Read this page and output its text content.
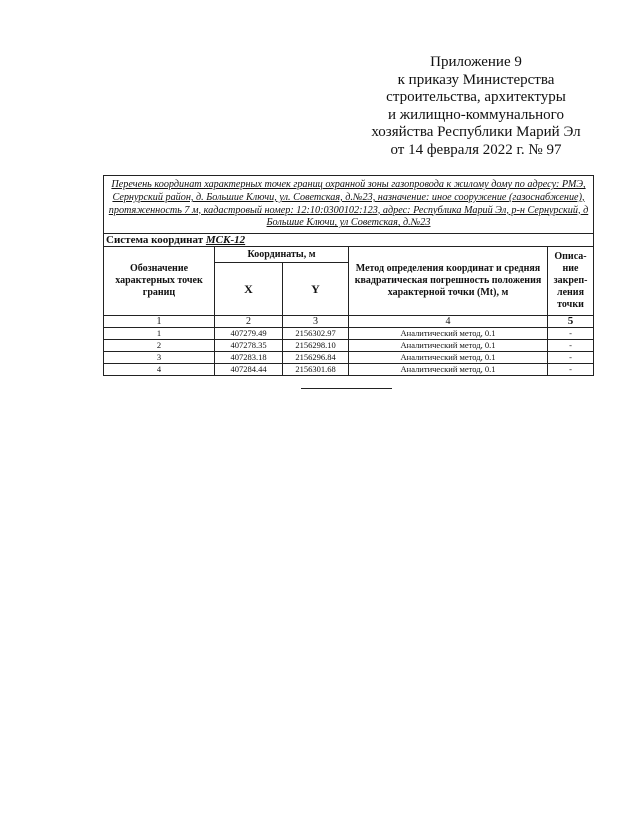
Приложение 9
к приказу Министерства
строительства, архитектуры
и жилищно-коммунального
хозяйства Республики Марий Эл
от 14 февраля 2022 г. № 97
Перечень координат характерных точек границ охранной зоны газопровода к жилому дому по адресу: РМЭ, Сернурский район, д. Большие Ключи, ул. Советская, д.№23, назначение: иное сооружение (газоснабжение), протяженность 7 м, кадастровый номер: 12:10:0300102:123, адрес: Республика Марий Эл, р-н Сернурский, д Большие Ключи, ул Советская, д.№23				
Система координат МСК-12				
Обозначение характерных точек границ	Координаты, м		Метод определения координат и средняя квадратическая погрешность положения характерной точки (Mt), м	Описа-ние закреп-ления точки
	X	Y		
1	2	3	4	5
1	407279.49	2156302.97	Аналитический метод, 0.1	-
2	407278.35	2156298.10	Аналитический метод, 0.1	-
3	407283.18	2156296.84	Аналитический метод, 0.1	-
4	407284.44	2156301.68	Аналитический метод, 0.1	-
